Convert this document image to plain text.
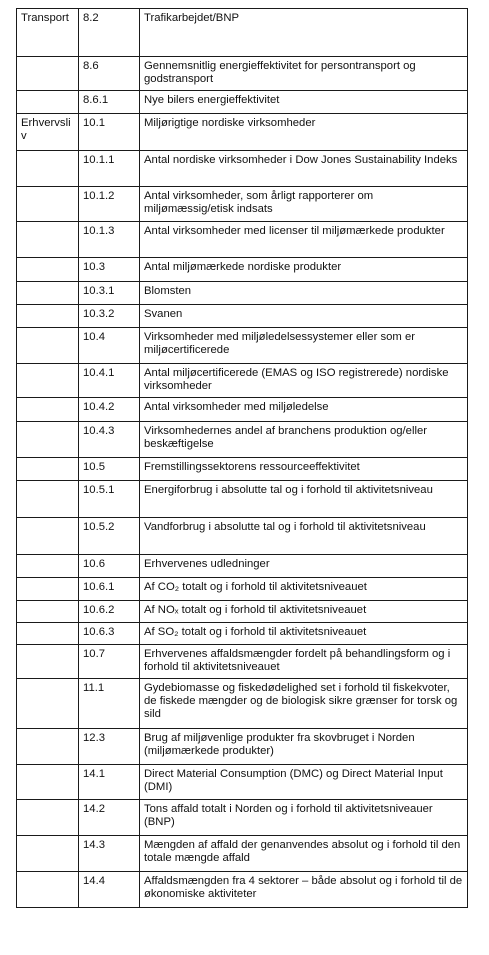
Transport	8.2	Trafikarbejdet/BNP
	8.6	Gennemsnitlig energieffektivitet for persontransport og godstransport
	8.6.1	Nye bilers energieffektivitet
Erhvervsliv	10.1	Miljørigtige nordiske virksomheder
	10.1.1	Antal nordiske virksomheder i Dow Jones Sustainability Indeks
	10.1.2	Antal virksomheder, som årligt rapporterer om miljømæssig/etisk indsats
	10.1.3	Antal virksomheder med licenser til miljømærkede produkter
	10.3	Antal miljømærkede nordiske produkter
	10.3.1	Blomsten
	10.3.2	Svanen
	10.4	Virksomheder med miljøledelsessystemer eller som er miljøcertificerede
	10.4.1	Antal miljøcertificerede (EMAS og ISO registrerede) nordiske virksomheder
	10.4.2	Antal virksomheder med miljøledelse
	10.4.3	Virksomhedernes andel af branchens produktion og/eller beskæftigelse
	10.5	Fremstillingssektorens ressourceeffektivitet
	10.5.1	Energiforbrug i absolutte tal og i forhold til aktivitetsniveau
	10.5.2	Vandforbrug i absolutte tal og i forhold til aktivitetsniveau
	10.6	Erhvervenes udledninger
	10.6.1	Af CO₂ totalt og i forhold til aktivitetsniveauet
	10.6.2	Af NOₓ totalt og i forhold til aktivitetsniveauet
	10.6.3	Af SO₂ totalt og i forhold til aktivitetsniveauet
	10.7	Erhvervenes affaldsmængder fordelt på behandlingsform og i forhold til aktivitetsniveauet
	11.1	Gydebiomasse og fiskedødelighed set i forhold til fiskekvoter, de fiskede mængder og de biologisk sikre grænser for torsk og sild
	12.3	Brug af miljøvenlige produkter fra skovbruget i Norden (miljømærkede produkter)
	14.1	Direct Material Consumption (DMC) og Direct Material Input (DMI)
	14.2	Tons affald totalt i Norden og i forhold til aktivitetsniveauer (BNP)
	14.3	Mængden af affald der genanvendes absolut og i forhold til den totale mængde affald
	14.4	Affaldsmængden fra 4 sektorer – både absolut og i forhold til de økonomiske aktiviteter
